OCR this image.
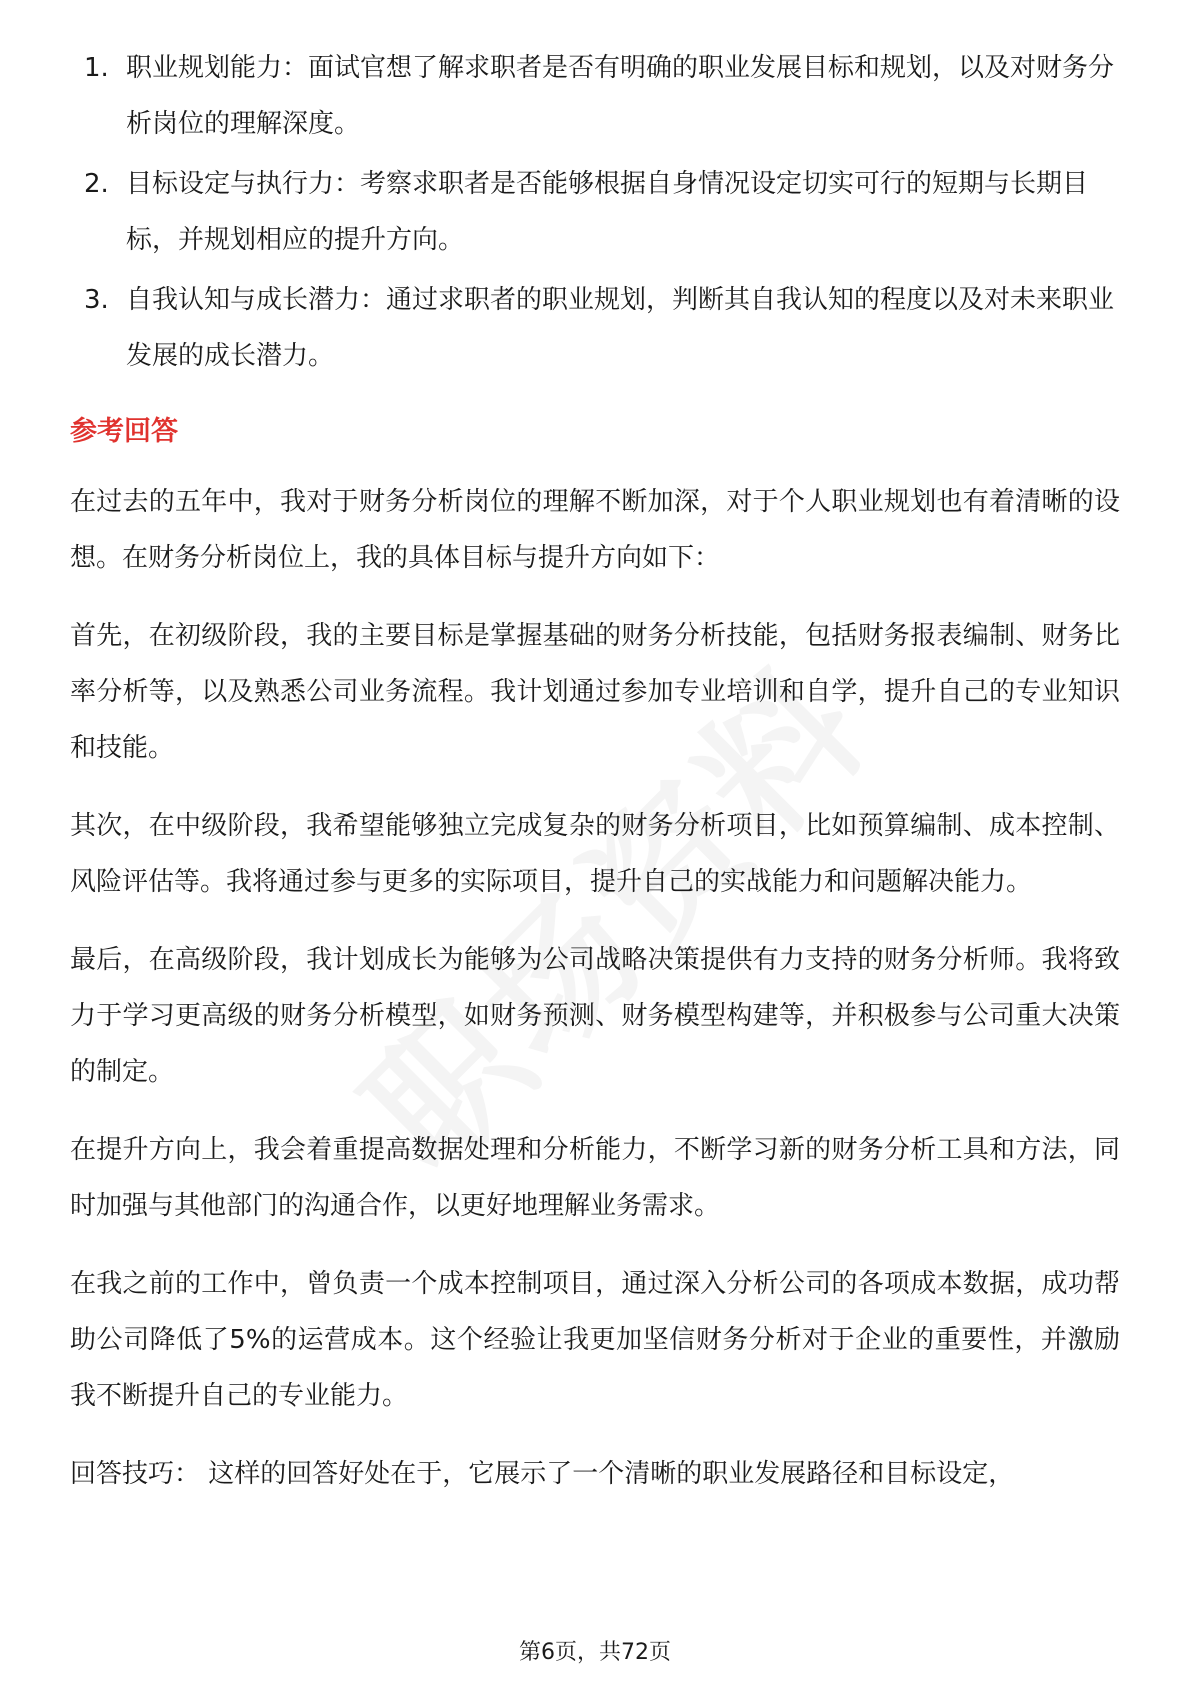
1. 职业规划能力：面试官想了解求职者是否有明确的职业发展目标和规划，以及对财务分析岗位的理解深度。
2. 目标设定与执行力：考察求职者是否能够根据自身情况设定切实可行的短期与长期目标，并规划相应的提升方向。
3. 自我认知与成长潜力：通过求职者的职业规划，判断其自我认知的程度以及对未来职业发展的成长潜力。
参考回答

在过去的五年中，我对于财务分析岗位的理解不断加深，对于个人职业规划也有着清晰的设想。在财务分析岗位上，我的具体目标与提升方向如下：

首先，在初级阶段，我的主要目标是掌握基础的财务分析技能，包括财务报表编制、财务比率分析等，以及熟悉公司业务流程。我计划通过参加专业培训和自学，提升自己的专业知识和技能。

其次，在中级阶段，我希望能够独立完成复杂的财务分析项目，比如预算编制、成本控制、风险评估等。我将通过参与更多的实际项目，提升自己的实战能力和问题解决能力。

最后，在高级阶段，我计划成长为能够为公司战略决策提供有力支持的财务分析师。我将致力于学习更高级的财务分析模型，如财务预测、财务模型构建等，并积极参与公司重大决策的制定。

在提升方向上，我会着重提高数据处理和分析能力，不断学习新的财务分析工具和方法，同时加强与其他部门的沟通合作，以更好地理解业务需求。

在我之前的工作中，曾负责一个成本控制项目，通过深入分析公司的各项成本数据，成功帮助公司降低了5%的运营成本。这个经验让我更加坚信财务分析对于企业的重要性，并激励我不断提升自己的专业能力。

回答技巧： 这样的回答好处在于，它展示了一个清晰的职业发展路径和目标设定，

第6页，共72页
